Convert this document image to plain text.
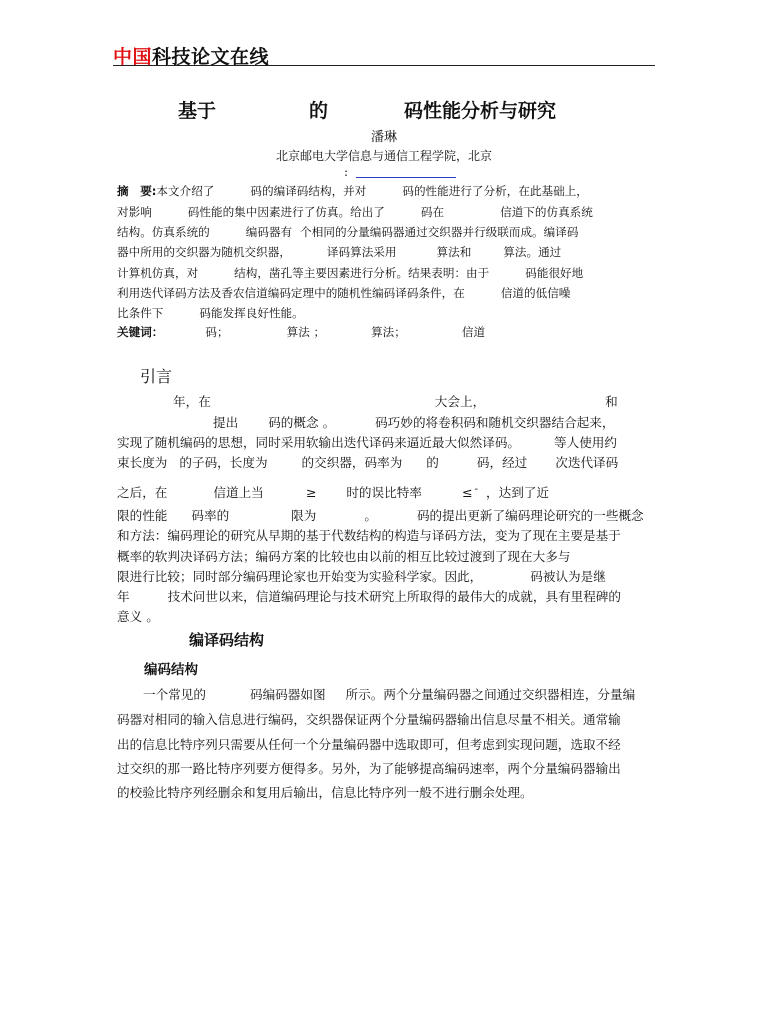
中国科技论文在线
基于	的	码性能分析与研究
潘琳
北京邮电大学信息与通信工程学院，北京
:
摘　要:本文介绍了	码的编译码结构，并对	码的性能进行了分析，在此基础上，
对影响	码性能的集中因素进行了仿真。给出了	码在	信道下的仿真系统
结构。仿真系统的	编码器有 个相同的分量编码器通过交织器并行级联而成。编译码
器中所用的交织器为随机交织器，	译码算法采用	算法和	算法。通过
计算机仿真，对	结构，凿孔等主要因素进行分析。结果表明：由于	码能很好地
利用迭代译码方法及香农信道编码定理中的随机性编码译码条件，在	信道的低信噪
比条件下	码能发挥良好性能。
关键词：	码；	算法 ；	算法；	信道
引言
年，在	大会上，	和
提出 码的概念 。	码巧妙的将卷积码和随机交织器结合起来，
实现了随机编码的思想，同时采用软输出迭代译码来逼近最大似然译码。	等人使用约
束长度为 的子码，长度为	的交织器，码率为 的	码，经过 次迭代译码
之后，在	信道上当	≥ 时的误比特率	≤ - ，达到了近
限的性能 码率的	限为	。	码的提出更新了编码理论研究的一些概念
和方法：编码理论的研究从早期的基于代数结构的构造与译码方法，变为了现在主要是基于
概率的软判决译码方法；编码方案的比较也由以前的相互比较过渡到了现在大多与
限进行比较；同时部分编码理论家也开始变为实验科学家。因此，	码被认为是继
年	技术问世以来，信道编码理论与技术研究上所取得的最伟大的成就，具有里程碑的
意义 。
编译码结构
编码结构
一个常见的	码编码器如图 所示。两个分量编码器之间通过交织器相连，分量编
码器对相同的输入信息进行编码，交织器保证两个分量编码器输出信息尽量不相关。通常输
出的信息比特序列只需要从任何一个分量编码器中选取即可，但考虑到实现问题，选取不经
过交织的那一路比特序列要方便得多。另外，为了能够提高编码速率，两个分量编码器输出
的校验比特序列经删余和复用后输出，信息比特序列一般不进行删余处理。
